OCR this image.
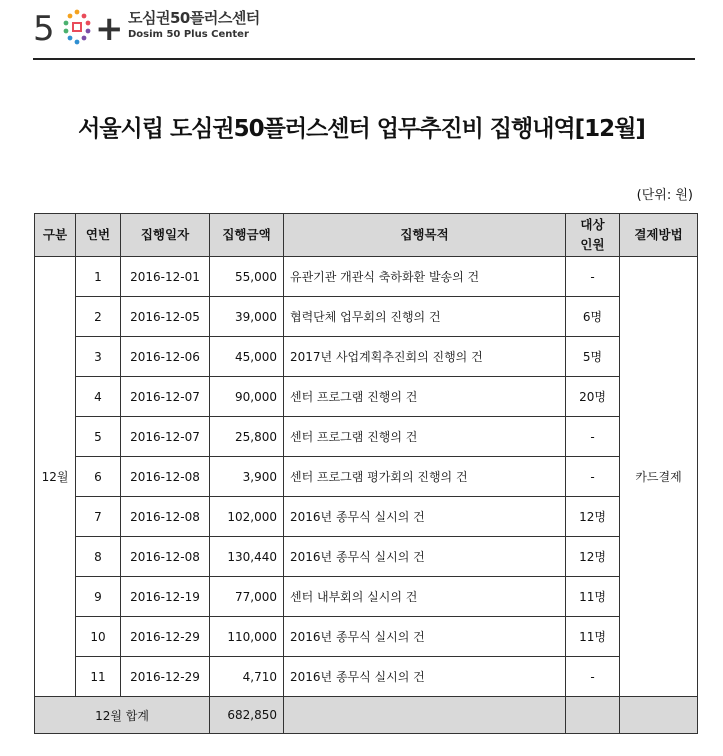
5 + 도심권50플러스센터
Dosim 50 Plus Center
서울시립 도심권50플러스센터 업무추진비 집행내역[12월]
(단위: 원)
구분	연번	집행일자	집행금액	집행목적	대상
인원	결제방법
12월	1	2016-12-01	55,000	유관기관 개관식 축하화환 발송의 건	-	카드결제
	2	2016-12-05	39,000	협력단체 업무회의 진행의 건	6명	
	3	2016-12-06	45,000	2017년 사업계획추진회의 진행의 건	5명	
	4	2016-12-07	90,000	센터 프로그램 진행의 건	20명	
	5	2016-12-07	25,800	센터 프로그램 진행의 건	-	
	6	2016-12-08	3,900	센터 프로그램 평가회의 진행의 건	-	
	7	2016-12-08	102,000	2016년 종무식 실시의 건	12명	
	8	2016-12-08	130,440	2016년 종무식 실시의 건	12명	
	9	2016-12-19	77,000	센터 내부회의 실시의 건	11명	
	10	2016-12-29	110,000	2016년 종무식 실시의 건	11명	
	11	2016-12-29	4,710	2016년 종무식 실시의 건	-	
12월 합계			682,850			
